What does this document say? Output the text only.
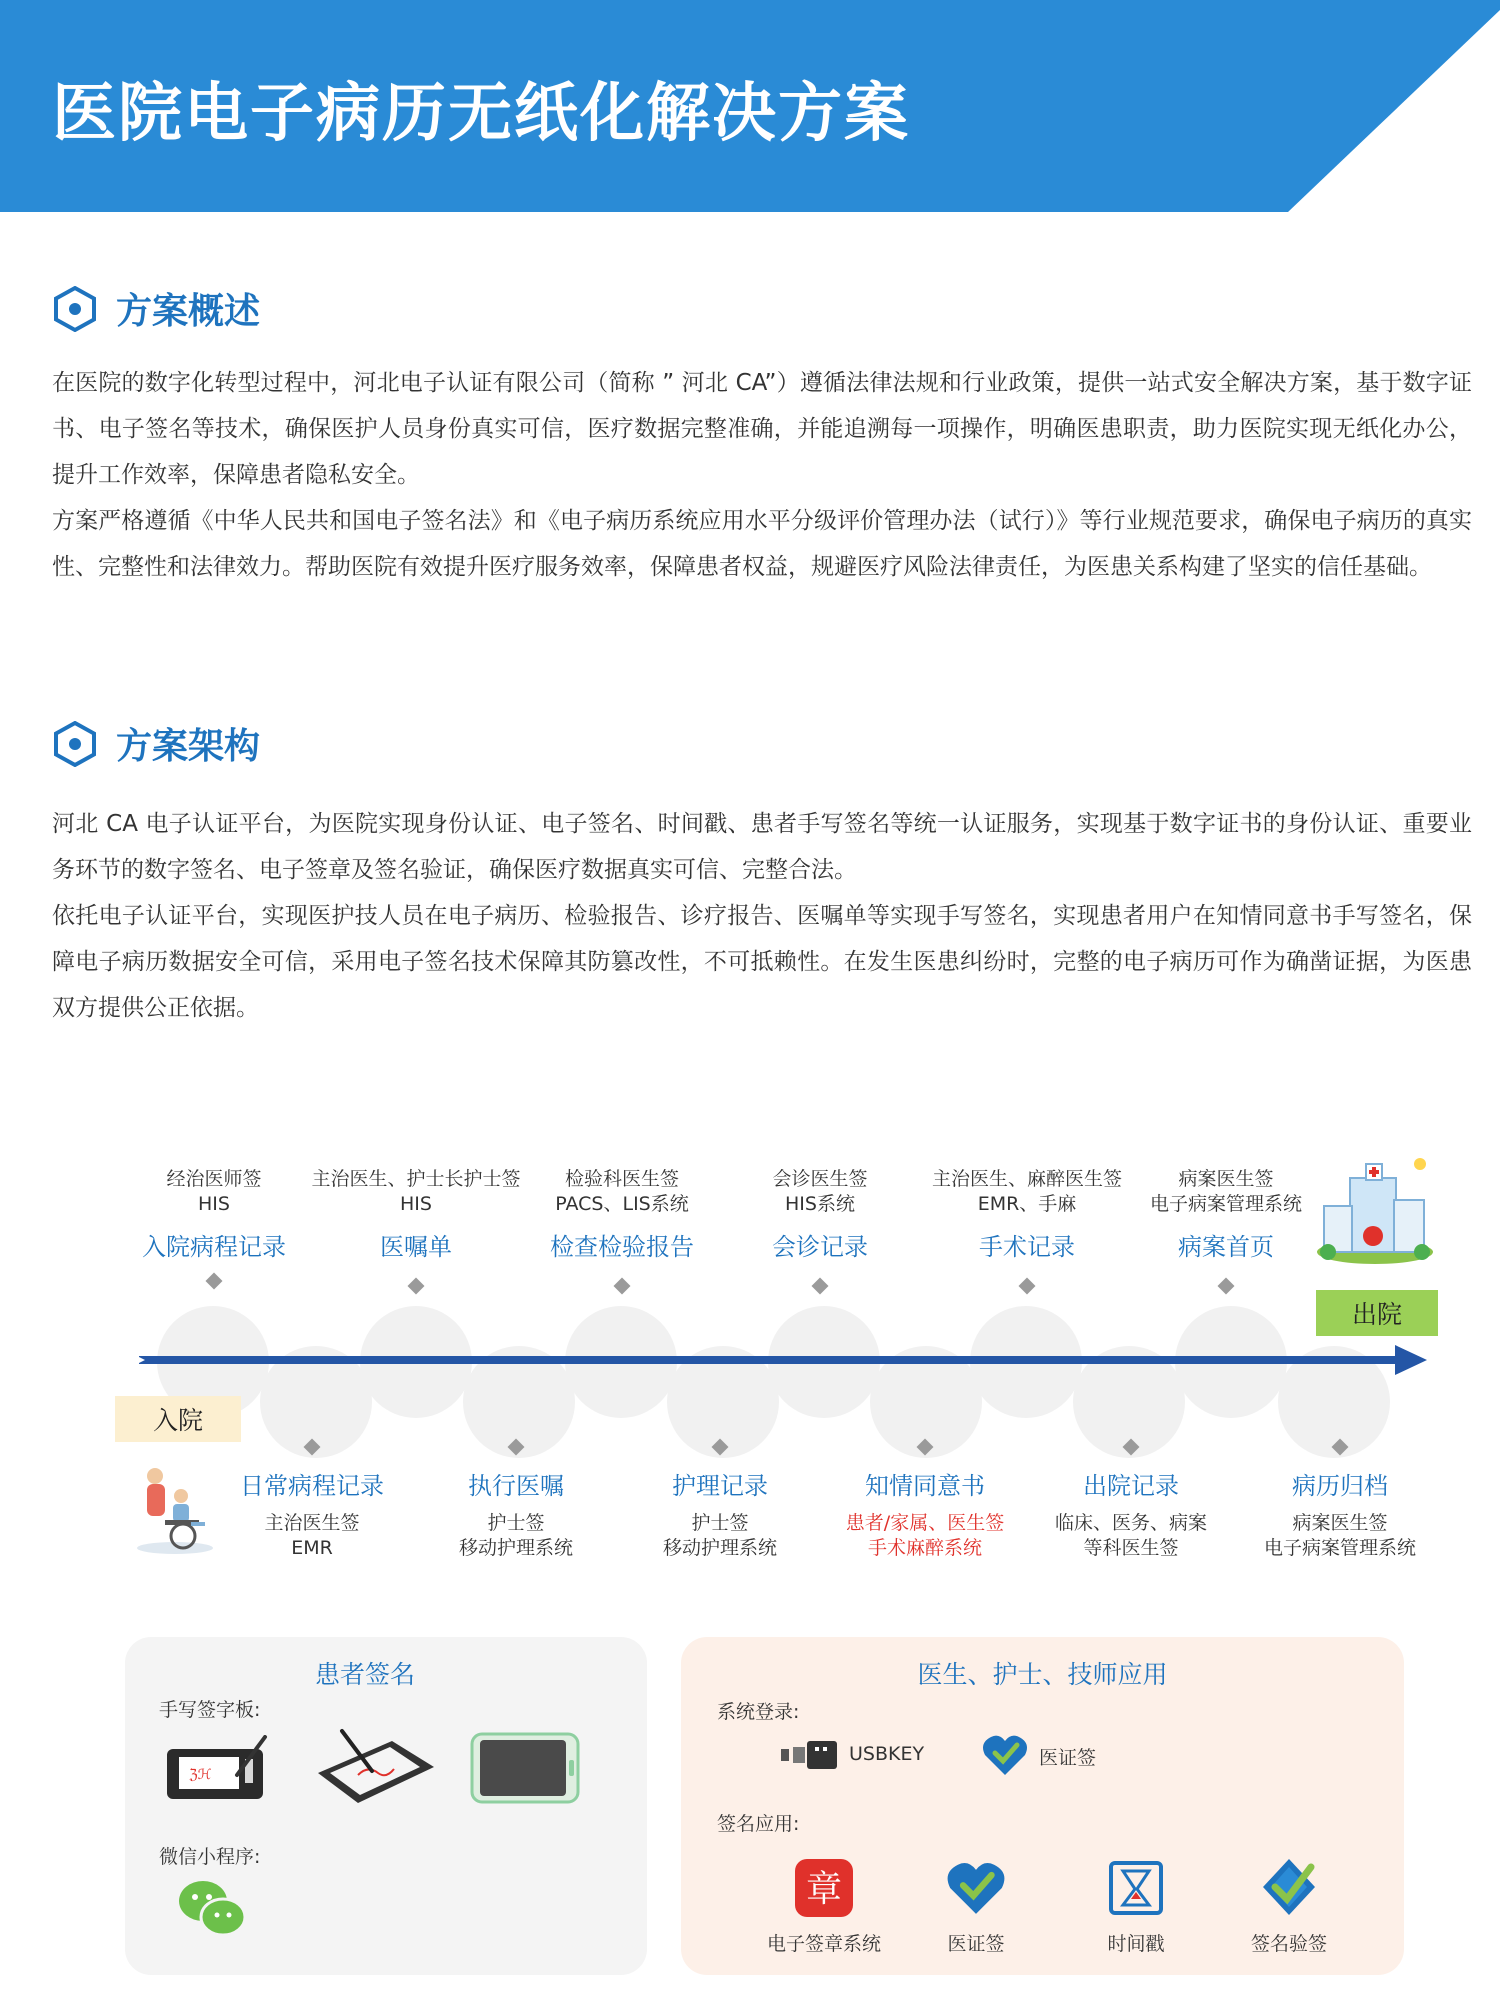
医院电子病历无纸化解决方案
方案概述

在医院的数字化转型过程中，河北电子认证有限公司（简称 ” 河北 CA”）遵循法律法规和行业政策，提供一站式安全解决方案，基于数字证书、电子签名等技术，确保医护人员身份真实可信，医疗数据完整准确，并能追溯每一项操作，明确医患职责，助力医院实现无纸化办公，提升工作效率，保障患者隐私安全。

方案严格遵循《中华人民共和国电子签名法》和《电子病历系统应用水平分级评价管理办法（试行）》等行业规范要求，确保电子病历的真实性、完整性和法律效力。帮助医院有效提升医疗服务效率，保障患者权益，规避医疗风险法律责任，为医患关系构建了坚实的信任基础。

方案架构

河北 CA 电子认证平台，为医院实现身份认证、电子签名、时间戳、患者手写签名等统一认证服务，实现基于数字证书的身份认证、重要业务环节的数字签名、电子签章及签名验证，确保医疗数据真实可信、完整合法。

依托电子认证平台，实现医护技人员在电子病历、检验报告、诊疗报告、医嘱单等实现手写签名，实现患者用户在知情同意书手写签名，保障电子病历数据安全可信，采用电子签名技术保障其防篡改性，不可抵赖性。在发生医患纠纷时，完整的电子病历可作为确凿证据，为医患双方提供公正依据。

经治医师签
HIS
入院病程记录
主治医生、护士长护士签
HIS
医嘱单
检验科医生签
PACS、LIS系统
检查检验报告
会诊医生签
HIS系统
会诊记录
主治医生、麻醉医生签
EMR、手麻
手术记录
病案医生签
电子病案管理系统
病案首页
入院
出院
日常病程记录
主治医生签
EMR
执行医嘱
护士签
移动护理系统
护理记录
护士签
移动护理系统
知情同意书
患者/家属、医生签
手术麻醉系统
出院记录
临床、医务、病案
等科医生签
病历归档
病案医生签
电子病案管理系统
患者签名
手写签字板:
ℨℋ
微信小程序:
医生、护士、技师应用
系统登录:
USBKEY	医证签
签名应用:
章
电子签章系统	医证签	时间戳	签名验签
